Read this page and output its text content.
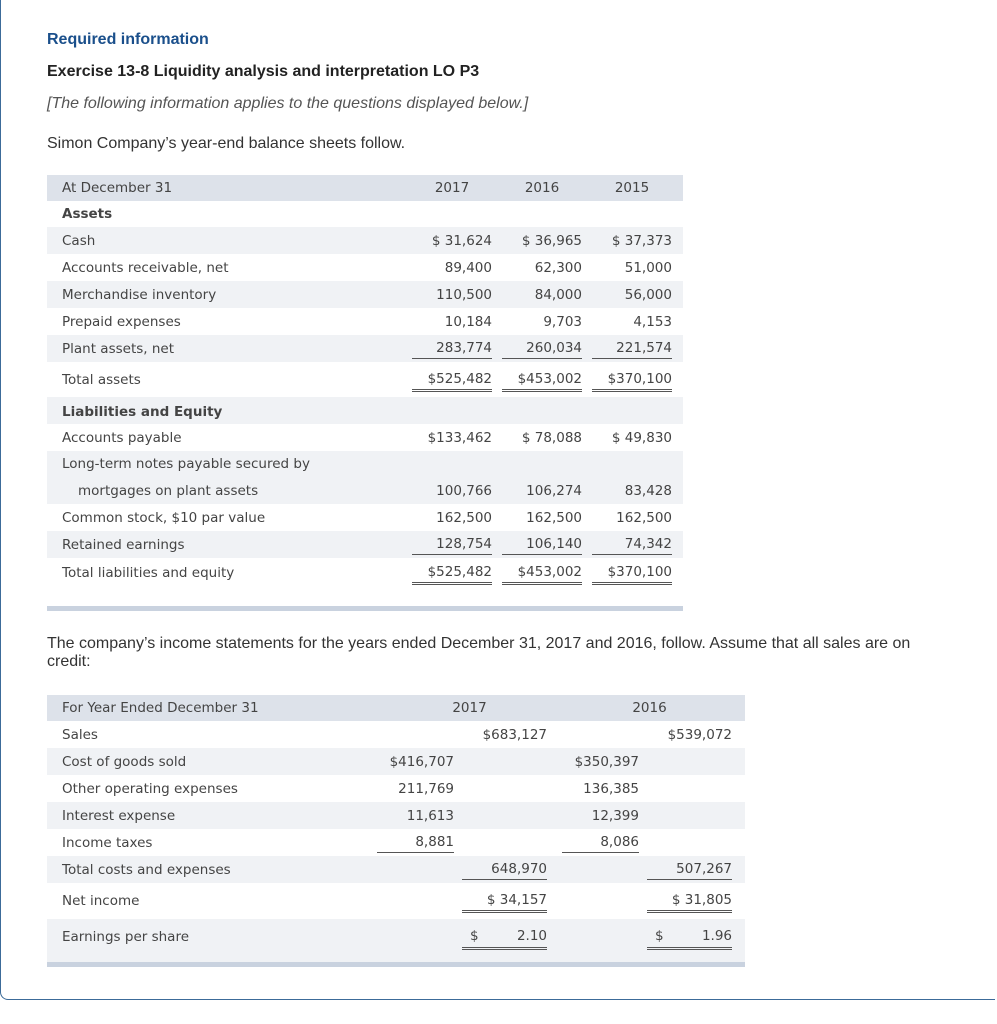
Required information
Exercise 13-8 Liquidity analysis and interpretation LO P3
[The following information applies to the questions displayed below.]
Simon Company’s year-end balance sheets follow.
At December 31	2017	2016	2015
Assets
Cash	$ 31,624	$ 36,965	$ 37,373
Accounts receivable, net	89,400	62,300	51,000
Merchandise inventory	110,500	84,000	56,000
Prepaid expenses	10,184	9,703	4,153
Plant assets, net	283,774	260,034	221,574
Total assets	$525,482	$453,002	$370,100
Liabilities and Equity
Accounts payable	$133,462	$ 78,088	$ 49,830
Long-term notes payable secured by
mortgages on plant assets	100,766	106,274	83,428
Common stock, $10 par value	162,500	162,500	162,500
Retained earnings	128,754	106,140	74,342
Total liabilities and equity	$525,482	$453,002	$370,100
The company’s income statements for the years ended December 31, 2017 and 2016, follow. Assume that all sales are on credit:
For Year Ended December 31	2017	2016
Sales	$683,127	$539,072
Cost of goods sold	$416,707	$350,397
Other operating expenses	211,769	136,385
Interest expense	11,613	12,399
Income taxes	8,881	8,086
Total costs and expenses	648,970	507,267
Net income	$ 34,157	$ 31,805
Earnings per share	$	2.10	$	1.96
